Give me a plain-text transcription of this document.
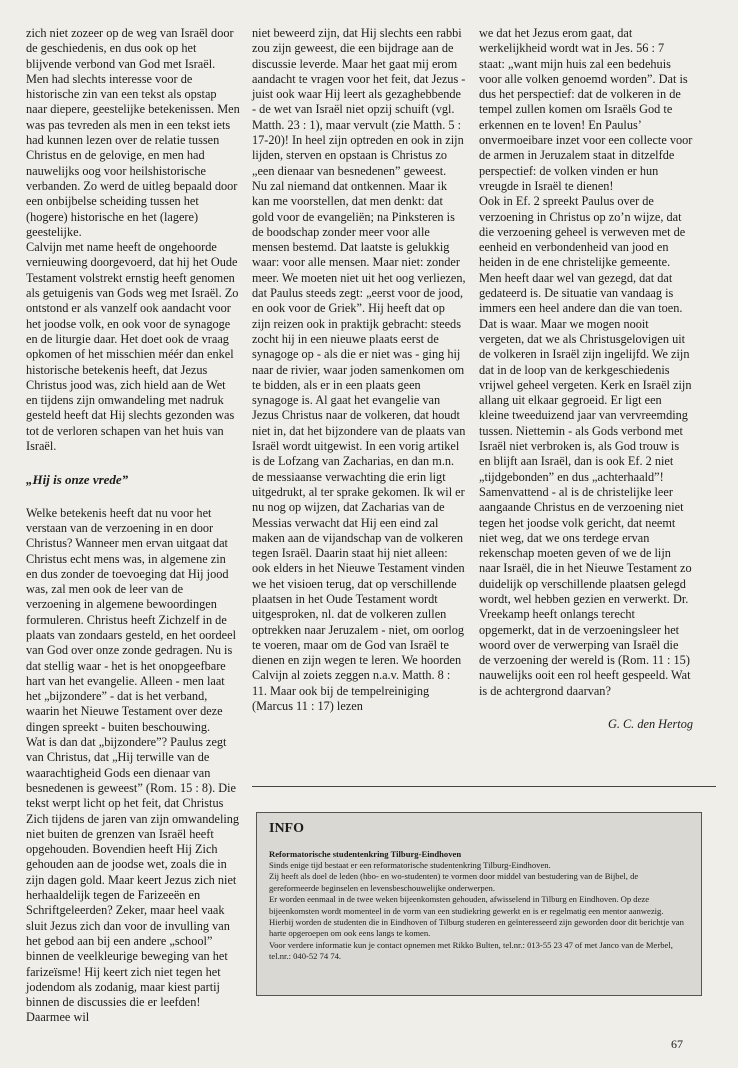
zich niet zozeer op de weg van Israël door de geschiedenis, en dus ook op het blijvende verbond van God met Israël. Men had slechts interesse voor de historische zin van een tekst als opstap naar diepere, geestelijke betekenissen. Men was pas tevreden als men in een tekst iets had kunnen lezen over de relatie tussen Christus en de gelovige, en men had nauwelijks oog voor heilshistorische verbanden. Zo werd de uitleg bepaald door een onbijbelse scheiding tussen het (hogere) historische en het (lagere) geestelijke.

Calvijn met name heeft de ongehoorde vernieuwing doorgevoerd, dat hij het Oude Testament volstrekt ernstig heeft genomen als getuigenis van Gods weg met Israël. Zo ontstond er als vanzelf ook aandacht voor het joodse volk, en ook voor de synagoge en de liturgie daar. Het doet ook de vraag opkomen of het misschien méér dan enkel historische betekenis heeft, dat Jezus Christus jood was, zich hield aan de Wet en tijdens zijn omwandeling met nadruk gesteld heeft dat Hij slechts gezonden was tot de verloren schapen van het huis van Israël.

„Hij is onze vrede”

Welke betekenis heeft dat nu voor het verstaan van de verzoening in en door Christus? Wanneer men ervan uitgaat dat Christus echt mens was, in algemene zin en dus zonder de toevoeging dat Hij jood was, zal men ook de leer van de verzoening in algemene bewoordingen formuleren. Christus heeft Zichzelf in de plaats van zondaars gesteld, en het oordeel van God over onze zonde gedragen. Nu is dat stellig waar - het is het onopgeefbare hart van het evangelie. Alleen - men laat het „bijzondere” - dat is het verband, waarin het Nieuwe Testament over deze dingen spreekt - buiten beschouwing.

Wat is dan dat „bijzondere”? Paulus zegt van Christus, dat „Hij terwille van de waarachtigheid Gods een dienaar van besnedenen is geweest” (Rom. 15 : 8). Die tekst werpt licht op het feit, dat Christus Zich tijdens de jaren van zijn omwandeling niet buiten de grenzen van Israël heeft opgehouden. Bovendien heeft Hij Zich gehouden aan de joodse wet, zoals die in zijn dagen gold. Maar keert Jezus zich niet herhaaldelijk tegen de Farizeeën en Schriftgeleerden? Zeker, maar heel vaak sluit Jezus zich dan voor de invulling van het gebod aan bij een andere „school” binnen de veelkleurige beweging van het farizeïsme! Hij keert zich niet tegen het jodendom als zodanig, maar kiest partij binnen de discussies die er leefden! Daarmee wil

niet beweerd zijn, dat Hij slechts een rabbi zou zijn geweest, die een bijdrage aan de discussie leverde. Maar het gaat mij erom aandacht te vragen voor het feit, dat Jezus - juist ook waar Hij leert als gezaghebbende - de wet van Israël niet opzij schuift (vgl. Matth. 23 : 1), maar vervult (zie Matth. 5 : 17-20)! In heel zijn optreden en ook in zijn lijden, sterven en opstaan is Christus zo „een dienaar van besnedenen” geweest.

Nu zal niemand dat ontkennen. Maar ik kan me voorstellen, dat men denkt: dat gold voor de evangeliën; na Pinksteren is de boodschap zonder meer voor alle mensen bestemd. Dat laatste is gelukkig waar: voor alle mensen. Maar niet: zonder meer. We moeten niet uit het oog verliezen, dat Paulus steeds zegt: „eerst voor de jood, en ook voor de Griek”. Hij heeft dat op zijn reizen ook in praktijk gebracht: steeds zocht hij in een nieuwe plaats eerst de synagoge op - als die er niet was - ging hij naar de rivier, waar joden samenkomen om te bidden, als er in een plaats geen synagoge is. Al gaat het evangelie van Jezus Christus naar de volkeren, dat houdt niet in, dat het bijzondere van de plaats van Israël wordt uitgewist. In een vorig artikel is de Lofzang van Zacharias, en dan m.n. de messiaanse verwachting die erin ligt uitgedrukt, al ter sprake gekomen. Ik wil er nu nog op wijzen, dat Zacharias van de Messias verwacht dat Hij een eind zal maken aan de vijandschap van de volkeren tegen Israël. Daarin staat hij niet alleen: ook elders in het Nieuwe Testament vinden we het visioen terug, dat op verschillende plaatsen in het Oude Testament wordt uitgesproken, nl. dat de volkeren zullen optrekken naar Jeruzalem - niet, om oorlog te voeren, maar om de God van Israël te dienen en zijn wegen te leren. We hoorden Calvijn al zoiets zeggen n.a.v. Matth. 8 : 11. Maar ook bij de tempelreiniging (Marcus 11 : 17) lezen

we dat het Jezus erom gaat, dat werkelijkheid wordt wat in Jes. 56 : 7 staat: „want mijn huis zal een bedehuis voor alle volken genoemd worden”. Dat is dus het perspectief: dat de volkeren in de tempel zullen komen om Israëls God te erkennen en te loven! En Paulus’ onvermoeibare inzet voor een collecte voor de armen in Jeruzalem staat in ditzelfde perspectief: de volken vinden er hun vreugde in Israël te dienen!

Ook in Ef. 2 spreekt Paulus over de verzoening in Christus op zo’n wijze, dat die verzoening geheel is verweven met de eenheid en verbondenheid van jood en heiden in de ene christelijke gemeente. Men heeft daar wel van gezegd, dat dat gedateerd is. De situatie van vandaag is immers een heel andere dan die van toen. Dat is waar. Maar we mogen nooit vergeten, dat we als Christusgelovigen uit de volkeren in Israël zijn ingelijfd. We zijn dat in de loop van de kerkgeschiedenis vrijwel geheel vergeten. Kerk en Israël zijn allang uit elkaar gegroeid. Er ligt een kleine tweeduizend jaar van vervreemding tussen. Niettemin - als Gods verbond met Israël niet verbroken is, als God trouw is en blijft aan Israël, dan is ook Ef. 2 niet „tijdgebonden” en dus „achterhaald”!

Samenvattend - al is de christelijke leer aangaande Christus en de verzoening niet tegen het joodse volk gericht, dat neemt niet weg, dat we ons terdege ervan rekenschap moeten geven of we de lijn naar Israël, die in het Nieuwe Testament zo duidelijk op verschillende plaatsen gelegd wordt, wel hebben gezien en verwerkt. Dr. Vreekamp heeft onlangs terecht opgemerkt, dat in de verzoeningsleer het woord over de verwerping van Israël die de verzoening der wereld is (Rom. 11 : 15) nauwelijks ooit een rol heeft gespeeld. Wat is de achtergrond daarvan?

G. C. den Hertog

INFO

Reformatorische studentenkring Tilburg-Eindhoven

Sinds enige tijd bestaat er een reformatorische studentenkring Tilburg-Eindhoven.

Zij heeft als doel de leden (hbo- en wo-studenten) te vormen door middel van bestudering van de Bijbel, de gereformeerde beginselen en levensbeschouwelijke onderwerpen.

Er worden eenmaal in de twee weken bijeenkomsten gehouden, afwisselend in Tilburg en Eindhoven. Op deze bijeenkomsten wordt momenteel in de vorm van een studiekring gewerkt en is er regelmatig een mentor aanwezig.

Hierbij worden de studenten die in Eindhoven of Tilburg studeren en geïnteresseerd zijn geworden door dit berichtje van harte opgeroepen om ook eens langs te komen.

Voor verdere informatie kun je contact opnemen met Rikko Bulten, tel.nr.: 013-55 23 47 of met Janco van de Merbel, tel.nr.: 040-52 74 74.

67
